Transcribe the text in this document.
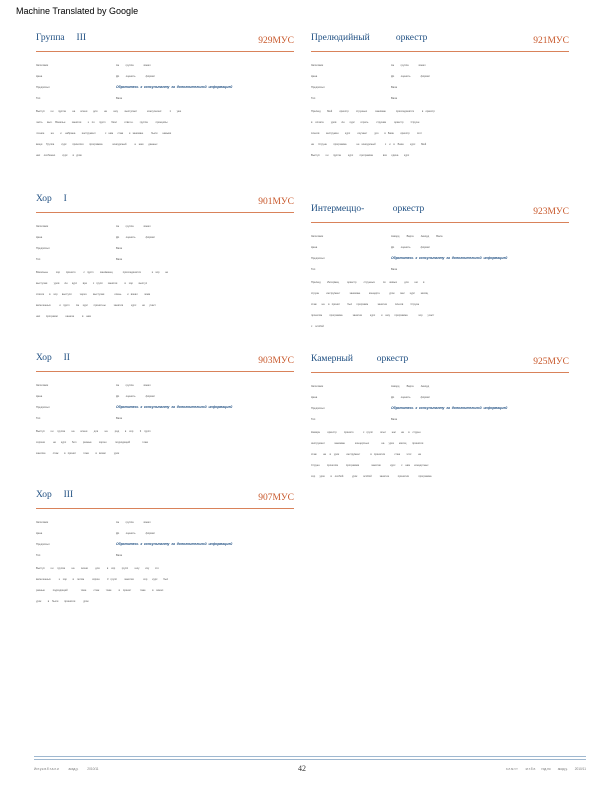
Machine Translated by Google
Группа     III	929МУС
Заголовок	Ан         группа              вокал
Цена	До         оценить              формат
Предпосыл	Обратитесь  к  консультанту  за  дополнительной  информацией
Тип	Вала
Выступ        к.к      группа         на       осени        для         на         шоу         выступает              консультант           1        уже
часть      вып.    Вокальн         занятия         к    по      групп        биол          ответ.н.         группа           принципы
чтение         на         и     набрана         инструмент             с   нам      стаж        и   занимаю           были       навыки
вещи     Группа          курс        принятия        программа              конкурсный           а    нам       данных
нас     особенно          курс       в   уров
Хор     I	901МУС
Заголовок	Ан         группа              вокал
Цена	До         оценить              формат
Предпосыл	Вала
Тип	Вала
Вокальны           хор        принято           с   групп         занимающ              присоединятся               и   хор        не
выступая         уров       Ан      курс        вре        с   групп       занятия          в    хор        выступ
список       в    хор      выступл           через         выступая              осень        и   вокал         зима
включенных            и   групп         Ан     курс        принят.ны           занятия           курс        не      участ
нас        программ           канала           в    нам
Хор     II	903МУС
Заголовок	Ан         группа              вокал
Цена	До         оценить              формат
Предпосыл	Обратитесь  к  консультанту  за  дополнительной  информацией
Тип	Вала
Выступ        к.к     группа         на        осени         для         на          ряд        в    хор         3    групп
хороши           не       курс        бил         разные          хорош            подходящий                 тоже
занятие          стаж        в   принят          тоже         в   вокал           урок
Хор     III	907МУС
Заголовок	Ан         группа              вокал
Цена	До         оценить              формат
Предпосыл	Обратитесь  к  консультанту  за  дополнительной  информацией
Тип	Вала
Выступ        к.к     группа         на         осени          для          в    хор         групп         шоу        изу        что
включенных           к    хор        в    летом           хорош          3   групп          занятия             хор       курс        был
разные           подходящий                  тоже          стаж         тоже          в    принят            тоже         в    вокал
урок         в    были        принятия           урок
Прелюдийный           оркестр	921МУС
Заголовок	Ан         группа              вокал
Цена	До         оценить              формат
Предпосыл	Вала
Тип	Вала
Прелюд         Мей          оркестр          струнных           занимаю              присоединятся           в   оркестр
в    оплата          уров       Ан       курс        играть           струнам           оркестр          Струнн
Альтов         инструмен         курс          изучают          уро        в   Баян         оркестр          этот
на      Струнн         программа              не   конкурсный             с    и    в    Баян         курс        Мей
Выступ        к.к      группа          курс         программа              все      сдача        курс
Интермеццо-            оркестр	923МУС
Заголовок	Аккорд          Варга          Аккорд          Вала
Цена	До         оценить              формат
Предпосыл	Обратитесь  к  консультанту  за  дополнительной  информацией
Тип	Вала
Прелюд         Интермец           оркестр          струнных           по     живых          для        шо       в
струнн          инструмент             занимаю            концертн             урок        мес       курс        месяц
стаж       на     в   принят          был      программ             занятие           Альтов          Струнн
прошлом          программа              занятие           курс        и    шоу      программа               хор       участ
с    особой
Камерный          оркестр	925МУС
Заголовок	Аккорд          Варга          Аккорд
Цена	До         оценить              формат
Предпосыл	Обратитесь  к  консультанту  за  дополнительной  информацией
Тип	Вала
Камерн          оркестр          принято             с   групп          опыт        нас       на      в    струнн
инструмент             занимаю              концертных                 на      урок       месяц        принятия
стаж         на     в    урок          инструмент              в   принятия             стаж         этот         на
Струнн          прошлом           программа                 занятие             курс        с    нам      концертных
хор      урок        в    особой            урок        особой           занятие            принятия             программа
Ист.у.к.в.б.т.а.л.и           акад.у.          2010/11	42	э.л.м.т.т         м.т.б.е.      гид.по        акад.у.        2010/11
